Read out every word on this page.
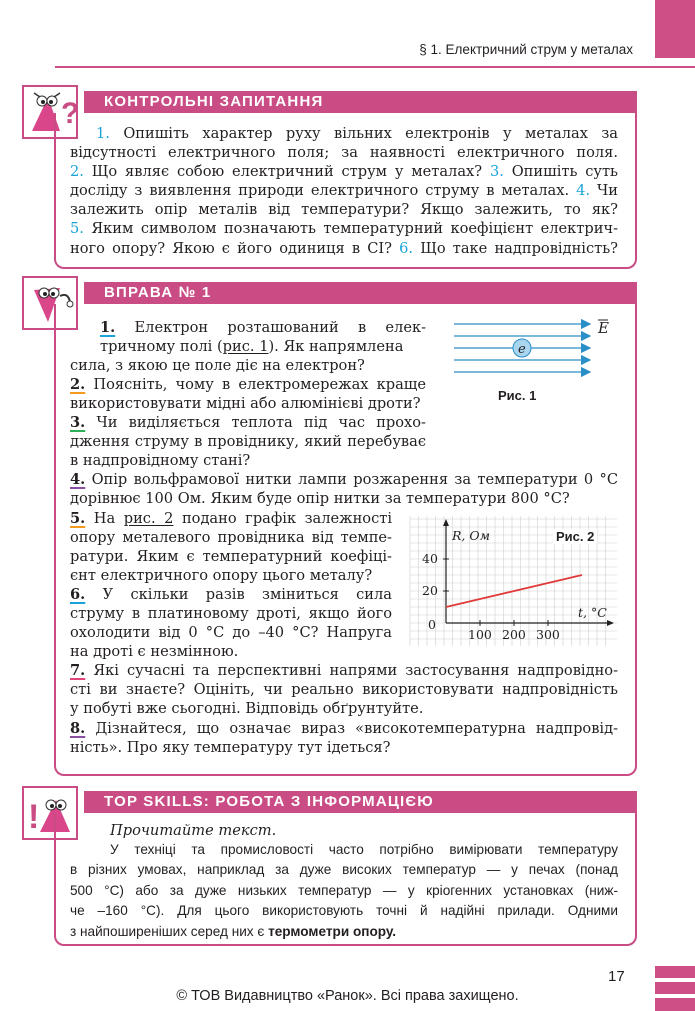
§ 1. Електричний струм у металах
?	КОНТРОЛЬНІ ЗАПИТАННЯ
1. Опишіть характер руху вільних електронів у металах за
відсутності електричного поля; за наявності електричного поля.
2. Що являє собою електричний струм у металах? 3. Опишіть суть
досліду з виявлення природи електричного струму в металах. 4. Чи
залежить опір металів від температури? Якщо залежить, то як?
5. Яким символом позначають температурний коефіцієнт електрич-
ного опору? Якою є його одиниця в СІ? 6. Що таке надпровідність?
ВПРАВА № 1
1. Електрон розташований в елек-
тричному полі (рис. 1). Як напрямлена
сила, з якою це поле діє на електрон?
e
E
Рис. 1
2. Поясніть, чому в електромережах краще
використовувати мідні або алюмінієві дроти?
3. Чи виділяється теплота під час прохо-
дження струму в провіднику, який перебуває
в надпровідному стані?
4. Опір вольфрамової нитки лампи розжарення за температури 0 °С
дорівнює 100 Ом. Яким буде опір нитки за температури 800 °С?
5. На рис. 2 подано графік залежності
опору металевого провідника від темпе-
ратури. Яким є температурний коефіці-
єнт електричного опору цього металу?
6. У скільки разів зміниться сила
струму в платиновому дроті, якщо його
охолодити від 0 °С до –40 °С? Напруга
на дроті є незмінною.
20
40
100 200 300
0
R, Ом
t, °C
Рис. 2
7. Які сучасні та перспективні напрями застосування надпровідно-
сті ви знаєте? Оцініть, чи реально використовувати надпровідність
у побуті вже сьогодні. Відповідь обґрунтуйте.
8. Дізнайтеся, що означає вираз «високотемпературна надпровід-
ність». Про яку температуру тут ідеться?
!	TOP SKILLS: РОБОТА З ІНФОРМАЦІЄЮ
Прочитайте текст.
У техніці та промисловості часто потрібно вимірювати температуру
в різних умовах, наприклад за дуже високих температур — у печах (понад
500 °С) або за дуже низьких температур — у кріогенних установках (ниж-
че –160 °С). Для цього використовують точні й надійні прилади. Одними
з найпоширеніших серед них є термометри опору.
17
© ТОВ Видавництво «Ранок». Всі права захищено.
